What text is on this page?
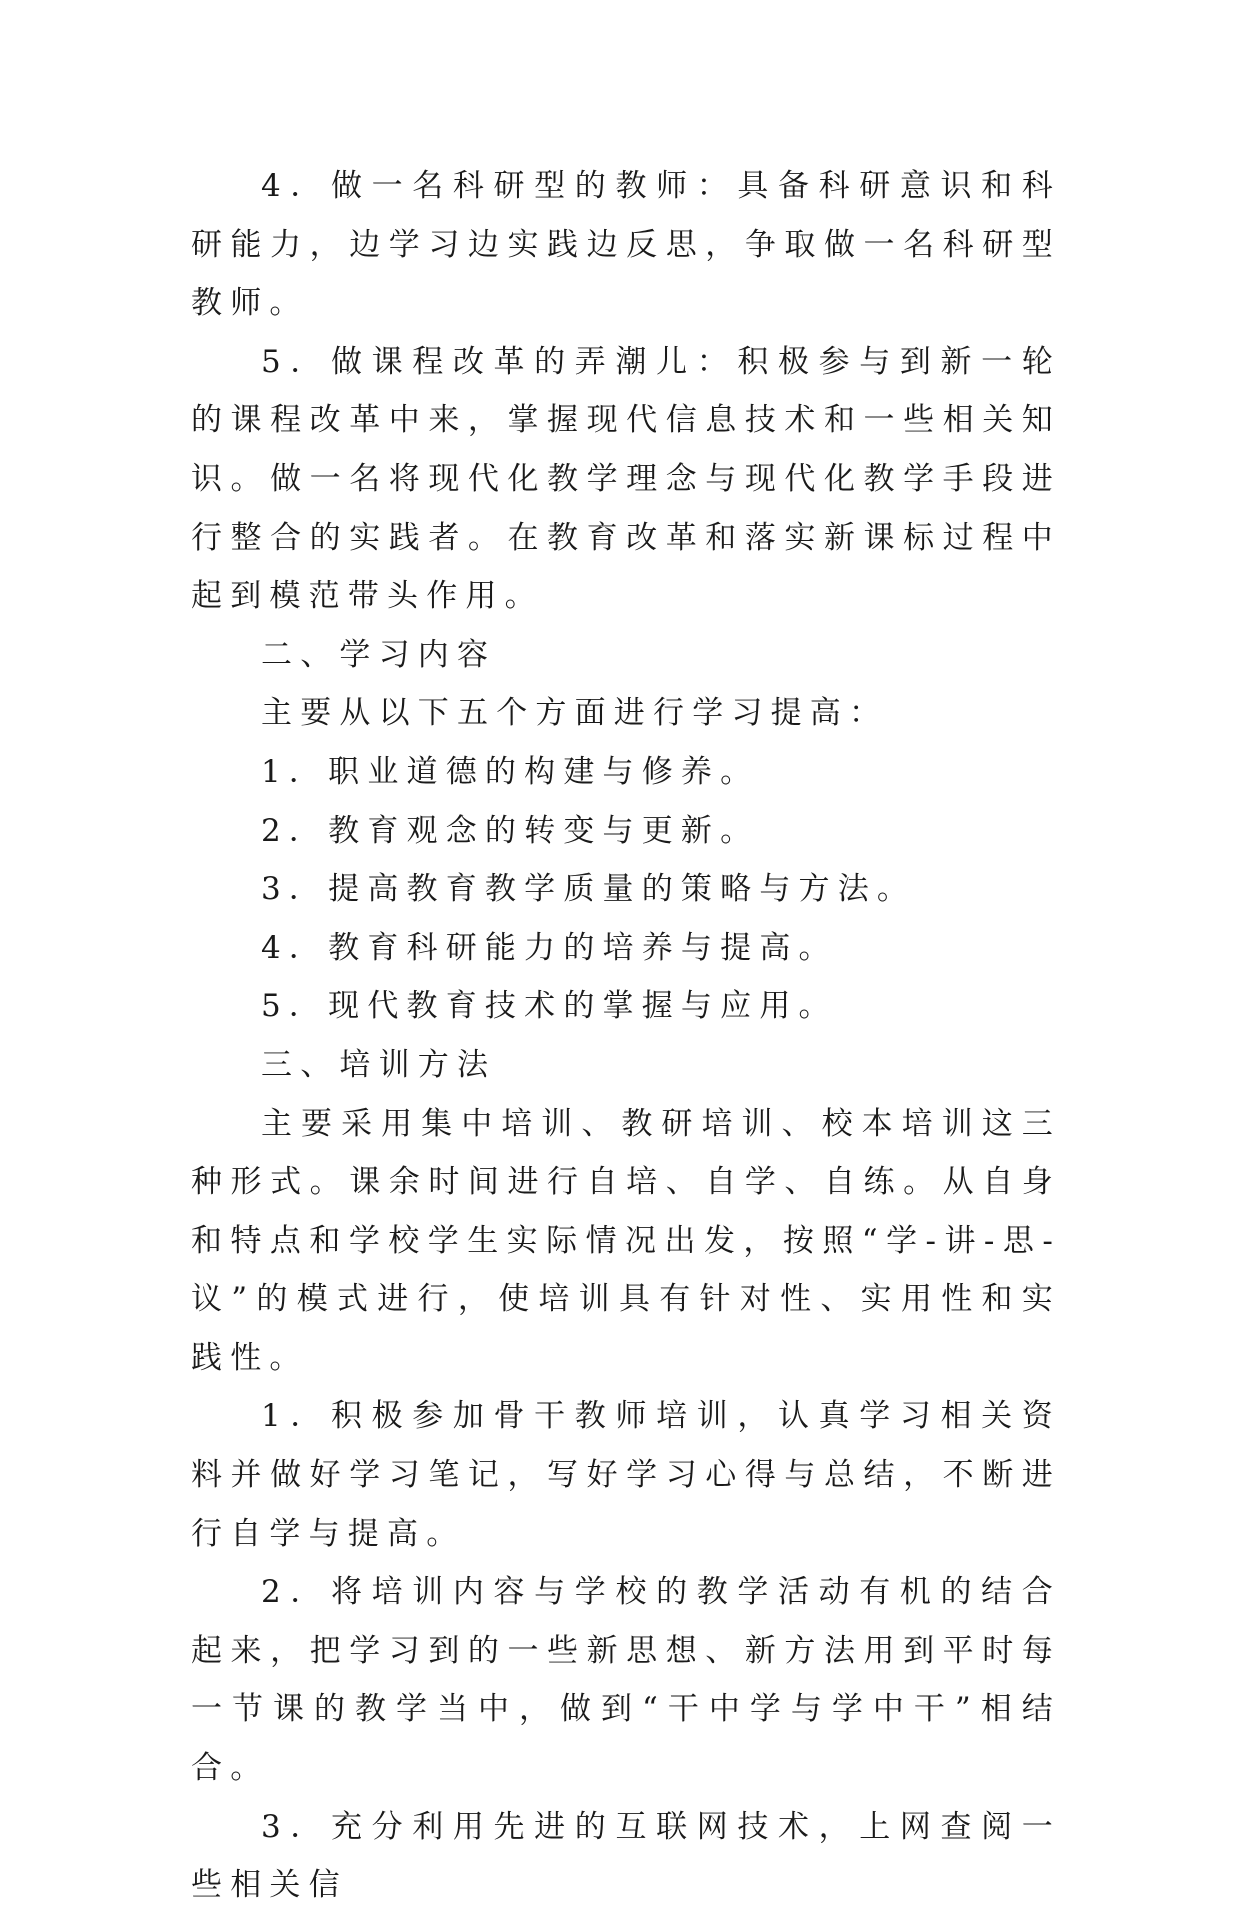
4．做一名科研型的教师：具备科研意识和科研能力，边学习边实践边反思，争取做一名科研型教师。

5．做课程改革的弄潮儿：积极参与到新一轮的课程改革中来，掌握现代信息技术和一些相关知识。做一名将现代化教学理念与现代化教学手段进行整合的实践者。在教育改革和落实新课标过程中起到模范带头作用。

二、学习内容

主要从以下五个方面进行学习提高：

1．职业道德的构建与修养。

2．教育观念的转变与更新。

3．提高教育教学质量的策略与方法。

4．教育科研能力的培养与提高。

5．现代教育技术的掌握与应用。

三、培训方法

主要采用集中培训、教研培训、校本培训这三种形式。课余时间进行自培、自学、自练。从自身和特点和学校学生实际情况出发，按照“学-讲-思-议”的模式进行，使培训具有针对性、实用性和实践性。

1．积极参加骨干教师培训，认真学习相关资料并做好学习笔记，写好学习心得与总结，不断进行自学与提高。

2．将培训内容与学校的教学活动有机的结合起来，把学习到的一些新思想、新方法用到平时每一节课的教学当中，做到“干中学与学中干”相结合。

3．充分利用先进的互联网技术，上网查阅一些相关信
